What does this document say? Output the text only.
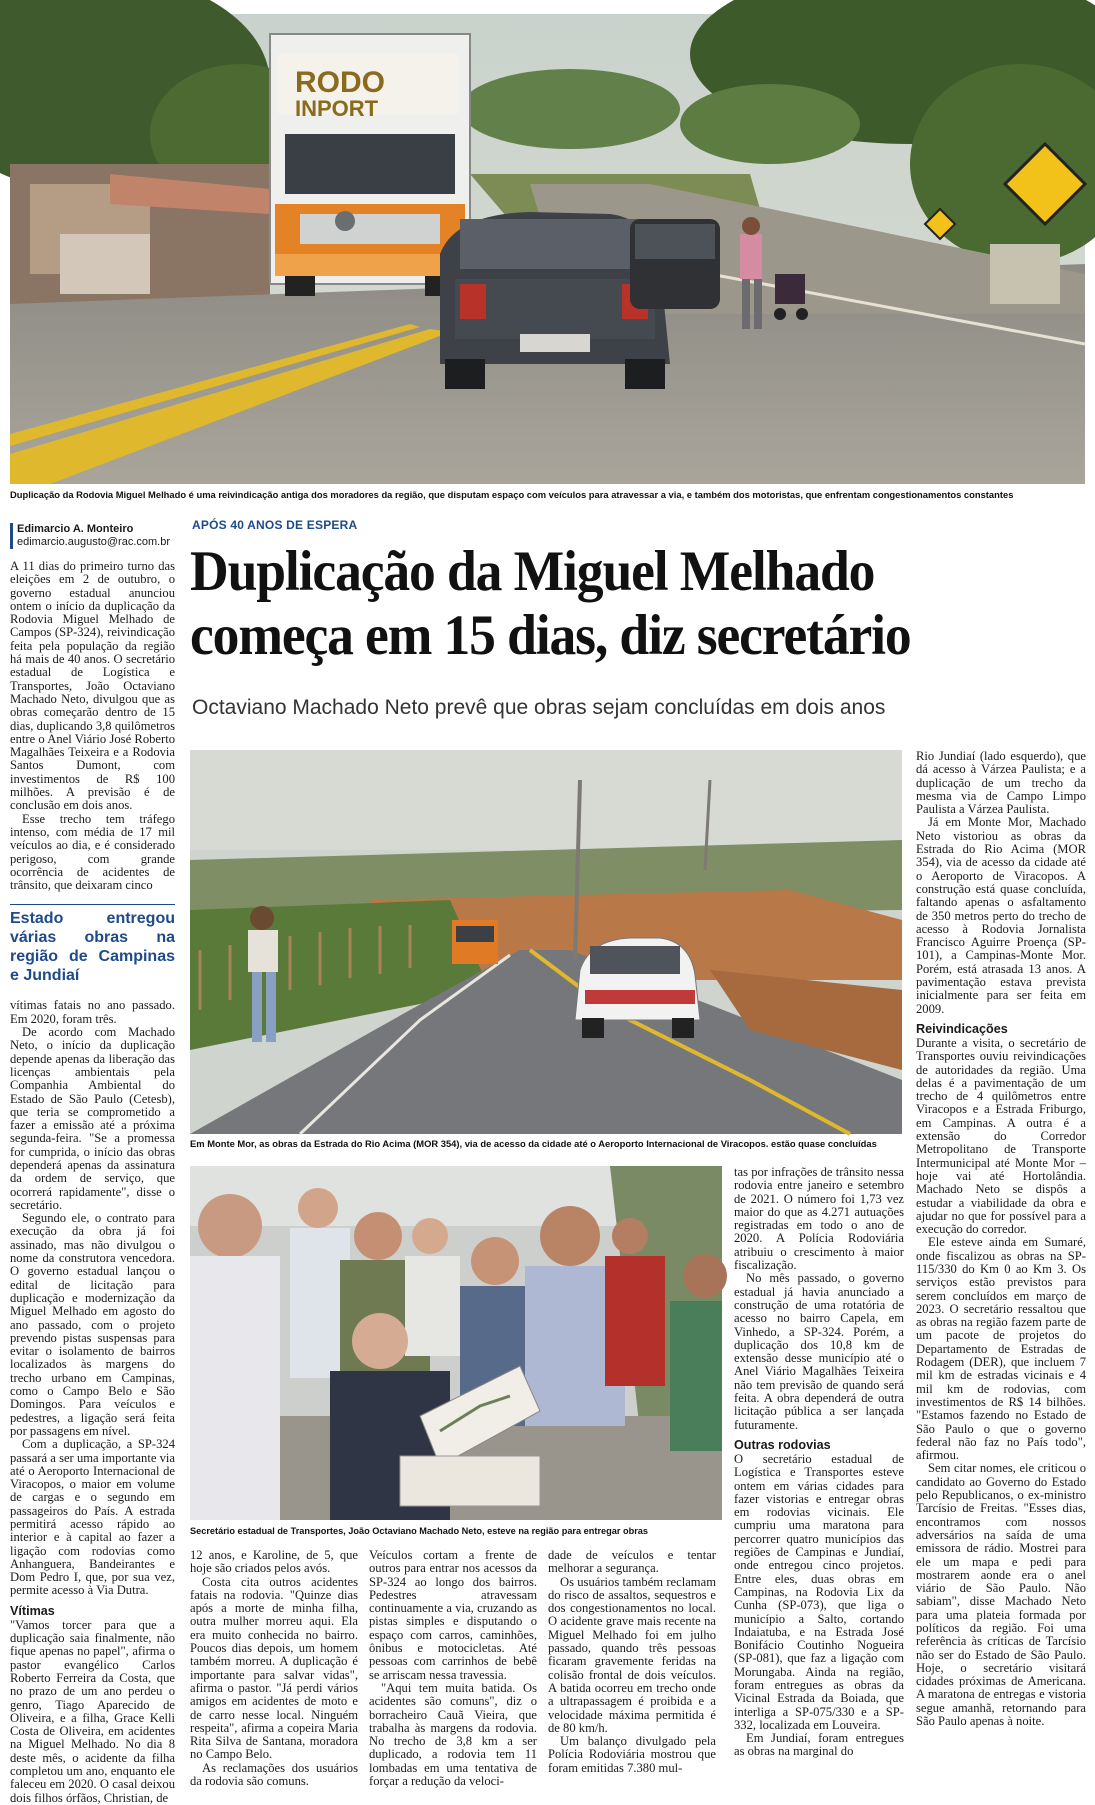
RODO
INPORT
Duplicação da Rodovia Miguel Melhado é uma reivindicação antiga dos moradores da região, que disputam espaço com veículos para atravessar a via, e também dos motoristas, que enfrentam congestionamentos constantes
Edimarcio A. Monteiro
edimarcio.augusto@rac.com.br
APÓS 40 ANOS DE ESPERA
Duplicação da Miguel Melhado
começa em 15 dias, diz secretário
Octaviano Machado Neto prevê que obras sejam concluídas em dois anos

A 11 dias do primeiro turno das eleições em 2 de outubro, o governo estadual anunciou ontem o início da duplicação da Rodovia Miguel Melhado de Campos (SP-324), reivindicação feita pela população da região há mais de 40 anos. O secretário estadual de Logística e Transportes, João Octaviano Machado Neto, divulgou que as obras começarão dentro de 15 dias, duplicando 3,8 quilômetros entre o Anel Viário José Roberto Magalhães Teixeira e a Rodovia Santos Dumont, com investimentos de R$ 100 milhões. A previsão é de conclusão em dois anos.

Esse trecho tem tráfego intenso, com média de 17 mil veículos ao dia, e é considerado perigoso, com grande ocorrência de acidentes de trânsito, que deixaram cinco

Estado entregou várias obras na região de Campinas e Jundiaí

vítimas fatais no ano passado. Em 2020, foram três.

De acordo com Machado Neto, o início da duplicação depende apenas da liberação das licenças ambientais pela Companhia Ambiental do Estado de São Paulo (Cetesb), que teria se comprometido a fazer a emissão até a próxima segunda-feira. "Se a promessa for cumprida, o início das obras dependerá apenas da assinatura da ordem de serviço, que ocorrerá rapidamente", disse o secretário.

Segundo ele, o contrato para execução da obra já foi assinado, mas não divulgou o nome da construtora vencedora. O governo estadual lançou o edital de licitação para duplicação e modernização da Miguel Melhado em agosto do ano passado, com o projeto prevendo pistas suspensas para evitar o isolamento de bairros localizados às margens do trecho urbano em Campinas, como o Campo Belo e São Domingos. Para veículos e pedestres, a ligação será feita por passagens em nível.

Com a duplicação, a SP-324 passará a ser uma importante via até o Aeroporto Internacional de Viracopos, o maior em volume de cargas e o segundo em passageiros do País. A estrada permitirá acesso rápido ao interior e à capital ao fazer a ligação com rodovias como Anhanguera, Bandeirantes e Dom Pedro I, que, por sua vez, permite acesso à Via Dutra.

Vítimas

"Vamos torcer para que a duplicação saia finalmente, não fique apenas no papel", afirma o pastor evangélico Carlos Roberto Ferreira da Costa, que no prazo de um ano perdeu o genro, Tiago Aparecido de Oliveira, e a filha, Grace Kelli Costa de Oliveira, em acidentes na Miguel Melhado. No dia 8 deste mês, o acidente da filha completou um ano, enquanto ele faleceu em 2020. O casal deixou dois filhos órfãos, Christian, de

Em Monte Mor, as obras da Estrada do Rio Acima (MOR 354), via de acesso da cidade até o Aeroporto Internacional de Viracopos. estão quase concluídas
Secretário estadual de Transportes, João Octaviano Machado Neto, esteve na região para entregar obras

12 anos, e Karoline, de 5, que hoje são criados pelos avós.

Costa cita outros acidentes fatais na rodovia. "Quinze dias após a morte de minha filha, outra mulher morreu aqui. Ela era muito conhecida no bairro. Poucos dias depois, um homem também morreu. A duplicação é importante para salvar vidas", afirma o pastor. "Já perdi vários amigos em acidentes de moto e de carro nesse local. Ninguém respeita", afirma a copeira Maria Rita Silva de Santana, moradora no Campo Belo.

As reclamações dos usuários da rodovia são comuns.

Veículos cortam a frente de outros para entrar nos acessos da SP-324 ao longo dos bairros. Pedestres atravessam continuamente a via, cruzando as pistas simples e disputando o espaço com carros, caminhões, ônibus e motocicletas. Até pessoas com carrinhos de bebê se arriscam nessa travessia.

"Aqui tem muita batida. Os acidentes são comuns", diz o borracheiro Cauã Vieira, que trabalha às margens da rodovia. No trecho de 3,8 km a ser duplicado, a rodovia tem 11 lombadas em uma tentativa de forçar a redução da veloci-

dade de veículos e tentar melhorar a segurança.

Os usuários também reclamam do risco de assaltos, sequestros e dos congestionamentos no local. O acidente grave mais recente na Miguel Melhado foi em julho passado, quando três pessoas ficaram gravemente feridas na colisão frontal de dois veículos. A batida ocorreu em trecho onde a ultrapassagem é proibida e a velocidade máxima permitida é de 80 km/h.

Um balanço divulgado pela Polícia Rodoviária mostrou que foram emitidas 7.380 mul-

tas por infrações de trânsito nessa rodovia entre janeiro e setembro de 2021. O número foi 1,73 vez maior do que as 4.271 autuações registradas em todo o ano de 2020. A Polícia Rodoviária atribuiu o crescimento à maior fiscalização.

No mês passado, o governo estadual já havia anunciado a construção de uma rotatória de acesso no bairro Capela, em Vinhedo, a SP-324. Porém, a duplicação dos 10,8 km de extensão desse município até o Anel Viário Magalhães Teixeira não tem previsão de quando será feita. A obra dependerá de outra licitação pública a ser lançada futuramente.

Outras rodovias

O secretário estadual de Logística e Transportes esteve ontem em várias cidades para fazer vistorias e entregar obras em rodovias vicinais. Ele cumpriu uma maratona para percorrer quatro municípios das regiões de Campinas e Jundiaí, onde entregou cinco projetos. Entre eles, duas obras em Campinas, na Rodovia Lix da Cunha (SP-073), que liga o município a Salto, cortando Indaiatuba, e na Estrada José Bonifácio Coutinho Nogueira (SP-081), que faz a ligação com Morungaba. Ainda na região, foram entregues as obras da Vicinal Estrada da Boiada, que interliga a SP-075/330 e a SP-332, localizada em Louveira.

Em Jundiaí, foram entregues as obras na marginal do

Rio Jundiaí (lado esquerdo), que dá acesso à Várzea Paulista; e a duplicação de um trecho da mesma via de Campo Limpo Paulista a Várzea Paulista.

Já em Monte Mor, Machado Neto vistoriou as obras da Estrada do Rio Acima (MOR 354), via de acesso da cidade até o Aeroporto de Viracopos. A construção está quase concluída, faltando apenas o asfaltamento de 350 metros perto do trecho de acesso à Rodovia Jornalista Francisco Aguirre Proença (SP-101), a Campinas-Monte Mor. Porém, está atrasada 13 anos. A pavimentação estava prevista inicialmente para ser feita em 2009.

Reivindicações

Durante a visita, o secretário de Transportes ouviu reivindicações de autoridades da região. Uma delas é a pavimentação de um trecho de 4 quilômetros entre Viracopos e a Estrada Friburgo, em Campinas. A outra é a extensão do Corredor Metropolitano de Transporte Intermunicipal até Monte Mor – hoje vai até Hortolândia. Machado Neto se dispôs a estudar a viabilidade da obra e ajudar no que for possível para a execução do corredor.

Ele esteve ainda em Sumaré, onde fiscalizou as obras na SP-115/330 do Km 0 ao Km 3. Os serviços estão previstos para serem concluídos em março de 2023. O secretário ressaltou que as obras na região fazem parte de um pacote de projetos do Departamento de Estradas de Rodagem (DER), que incluem 7 mil km de estradas vicinais e 4 mil km de rodovias, com investimentos de R$ 14 bilhões. "Estamos fazendo no Estado de São Paulo o que o governo federal não faz no País todo", afirmou.

Sem citar nomes, ele criticou o candidato ao Governo do Estado pelo Republicanos, o ex-ministro Tarcísio de Freitas. "Esses dias, encontramos com nossos adversários na saída de uma emissora de rádio. Mostrei para ele um mapa e pedi para mostrarem aonde era o anel viário de São Paulo. Não sabiam", disse Machado Neto para uma plateia formada por políticos da região. Foi uma referência às críticas de Tarcísio não ser do Estado de São Paulo. Hoje, o secretário visitará cidades próximas de Americana. A maratona de entregas e vistoria segue amanhã, retornando para São Paulo apenas à noite.
